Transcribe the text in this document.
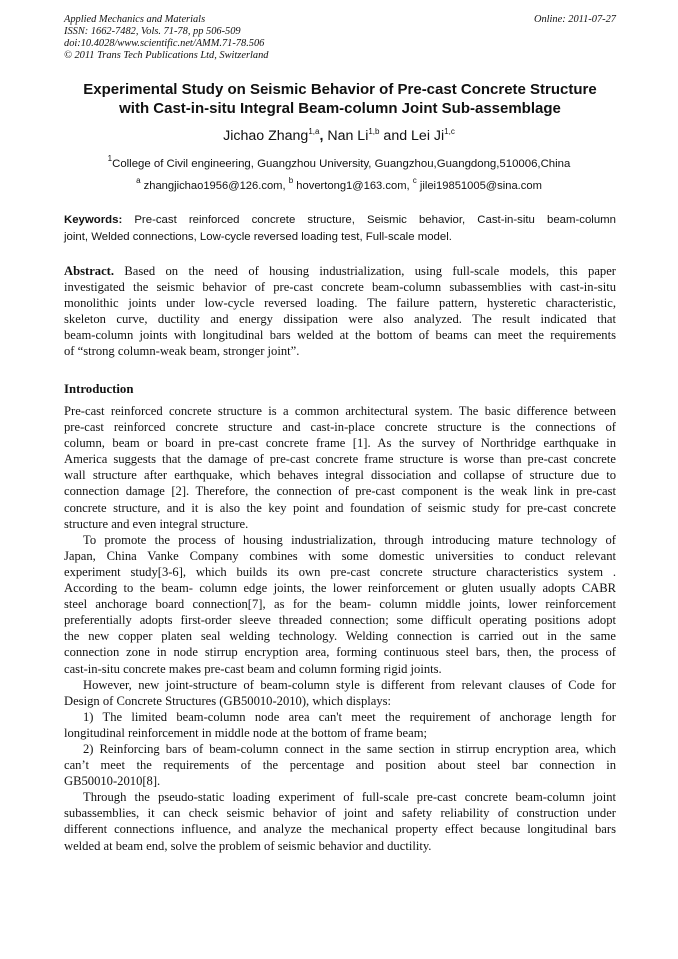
Applied Mechanics and Materials	Online: 2011-07-27
ISSN: 1662-7482, Vols. 71-78, pp 506-509
doi:10.4028/www.scientific.net/AMM.71-78.506
© 2011 Trans Tech Publications Ltd, Switzerland
Experimental Study on Seismic Behavior of Pre-cast Concrete Structure
with Cast-in-situ Integral Beam-column Joint Sub-assemblage
Jichao Zhang$^{1,a}$, Nan Li$^{1,b}$ and Lei Ji$^{1,c}$
$^1$College of Civil engineering, Guangzhou University, Guangzhou,Guangdong,510006,China
$^a$ zhangjichao1956@126.com, $^b$ hovertong1@163.com, $^c$ jilei19851005@sina.com
Keywords: Pre-cast reinforced concrete structure, Seismic behavior, Cast-in-situ beam-column
joint, Welded connections, Low-cycle reversed loading test, Full-scale model.
Abstract. Based on the need of housing industrialization, using full-scale models, this paper
investigated the seismic behavior of pre-cast concrete beam-column subassemblies with cast-in-situ
monolithic joints under low-cycle reversed loading. The failure pattern, hysteretic characteristic,
skeleton curve, ductility and energy dissipation were also analyzed. The result indicated that
beam-column joints with longitudinal bars welded at the bottom of beams can meet the requirements
of “strong column-weak beam, stronger joint”.
Introduction
Pre-cast reinforced concrete structure is a common architectural system. The basic difference between
pre-cast reinforced concrete structure and cast-in-place concrete structure is the connections of
column, beam or board in pre-cast concrete frame [1]. As the survey of Northridge earthquake in
America suggests that the damage of pre-cast concrete frame structure is worse than pre-cast concrete
wall structure after earthquake, which behaves integral dissociation and collapse of structure due to
connection damage [2]. Therefore, the connection of pre-cast component is the weak link in pre-cast
concrete structure, and it is also the key point and foundation of seismic study for pre-cast concrete
structure and even integral structure.
To promote the process of housing industrialization, through introducing mature technology of
Japan, China Vanke Company combines with some domestic universities to conduct relevant
experiment study[3-6], which builds its own pre-cast concrete structure characteristics system .
According to the beam- column edge joints, the lower reinforcement or gluten usually adopts CABR
steel anchorage board connection[7], as for the beam- column middle joints, lower reinforcement
preferentially adopts first-order sleeve threaded connection; some difficult operating positions adopt
the new copper platen seal welding technology. Welding connection is carried out in the same
connection zone in node stirrup encryption area, forming continuous steel bars, then, the process of
cast-in-situ concrete makes pre-cast beam and column forming rigid joints.
However, new joint-structure of beam-column style is different from relevant clauses of Code for
Design of Concrete Structures (GB50010-2010), which displays:
1) The limited beam-column node area can't meet the requirement of anchorage length for
longitudinal reinforcement in middle node at the bottom of frame beam;
2) Reinforcing bars of beam-column connect in the same section in stirrup encryption area, which
can’t meet the requirements of the percentage and position about steel bar connection in
GB50010-2010[8].
Through the pseudo-static loading experiment of full-scale pre-cast concrete beam-column joint
subassemblies, it can check seismic behavior of joint and safety reliability of construction under
different connections influence, and analyze the mechanical property effect because longitudinal bars
welded at beam end, solve the problem of seismic behavior and ductility.
